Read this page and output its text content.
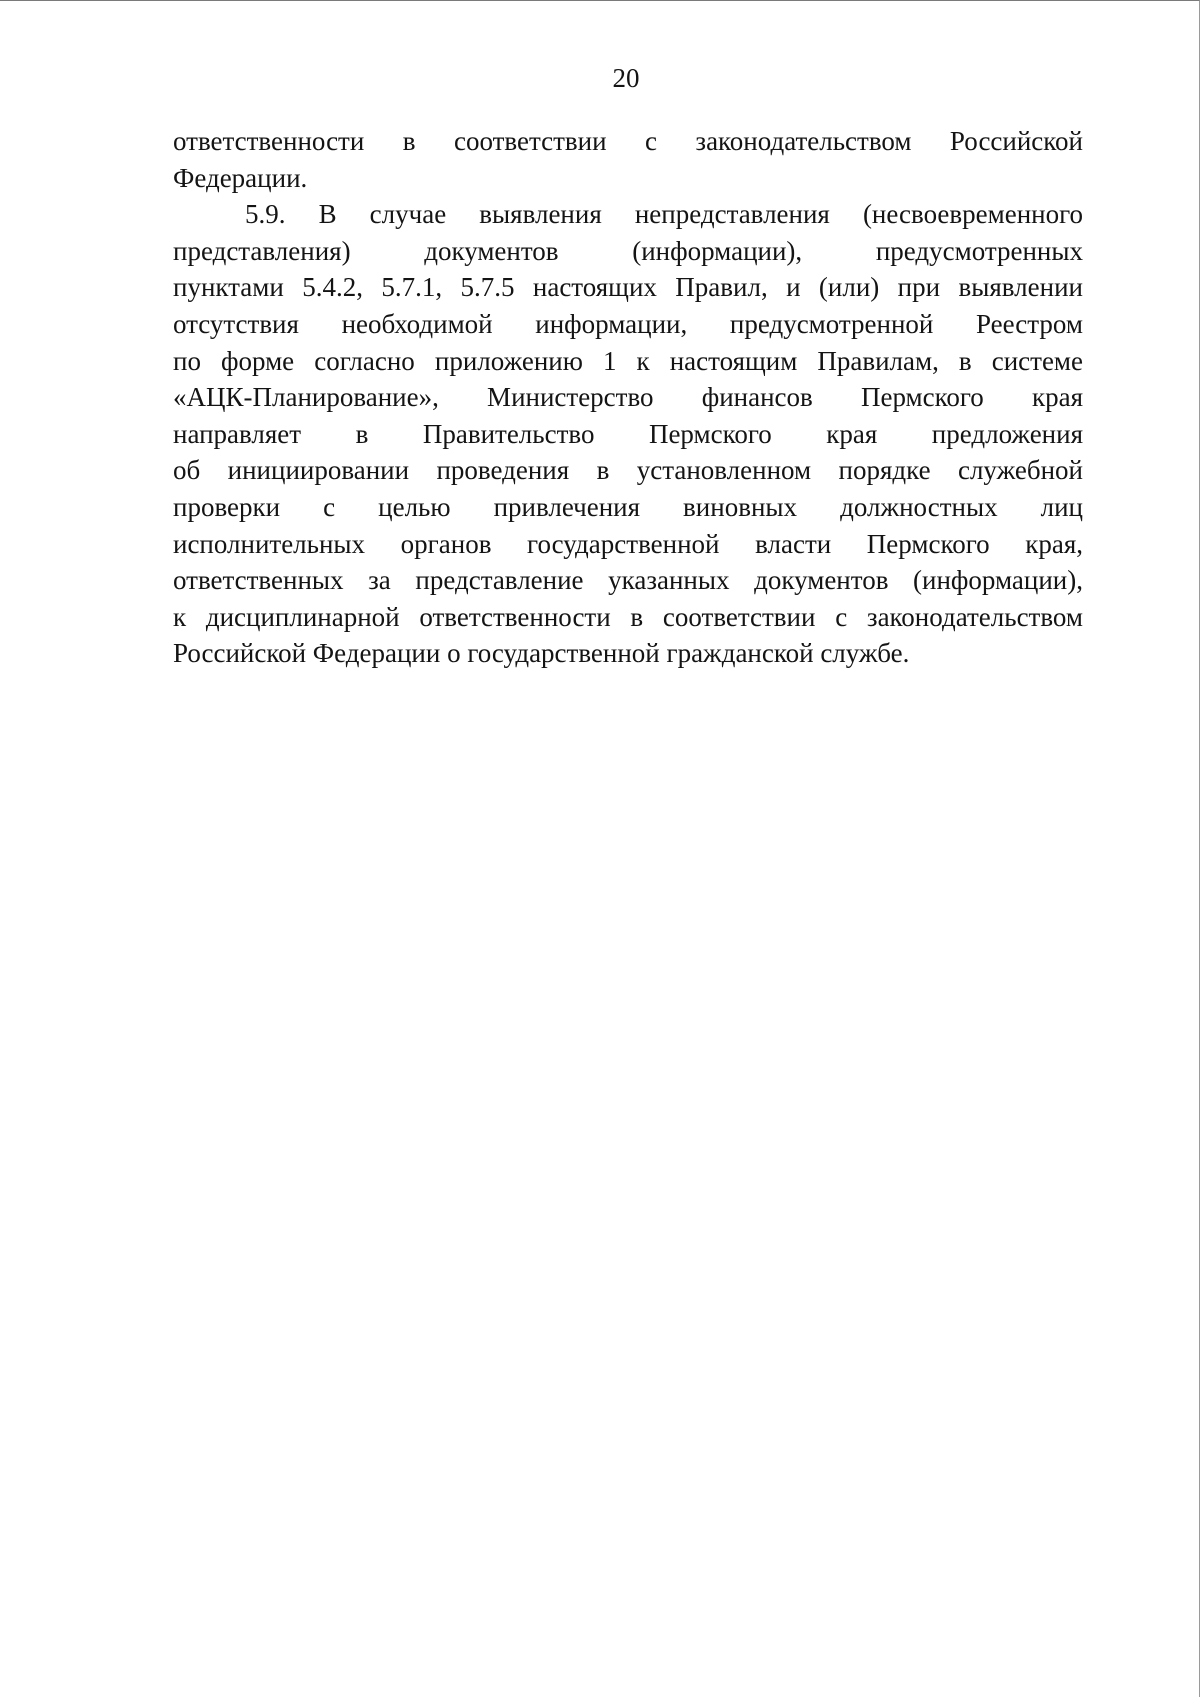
20
ответственности в соответствии с законодательством Российской
Федерации.
5.9. В случае выявления непредставления (несвоевременного
представления) документов (информации), предусмотренных
пунктами 5.4.2, 5.7.1, 5.7.5 настоящих Правил, и (или) при выявлении
отсутствия необходимой информации, предусмотренной Реестром
по форме согласно приложению 1 к настоящим Правилам, в системе
«АЦК-Планирование», Министерство финансов Пермского края
направляет в Правительство Пермского края предложения
об инициировании проведения в установленном порядке служебной
проверки с целью привлечения виновных должностных лиц
исполнительных органов государственной власти Пермского края,
ответственных за представление указанных документов (информации),
к дисциплинарной ответственности в соответствии с законодательством
Российской Федерации о государственной гражданской службе.
